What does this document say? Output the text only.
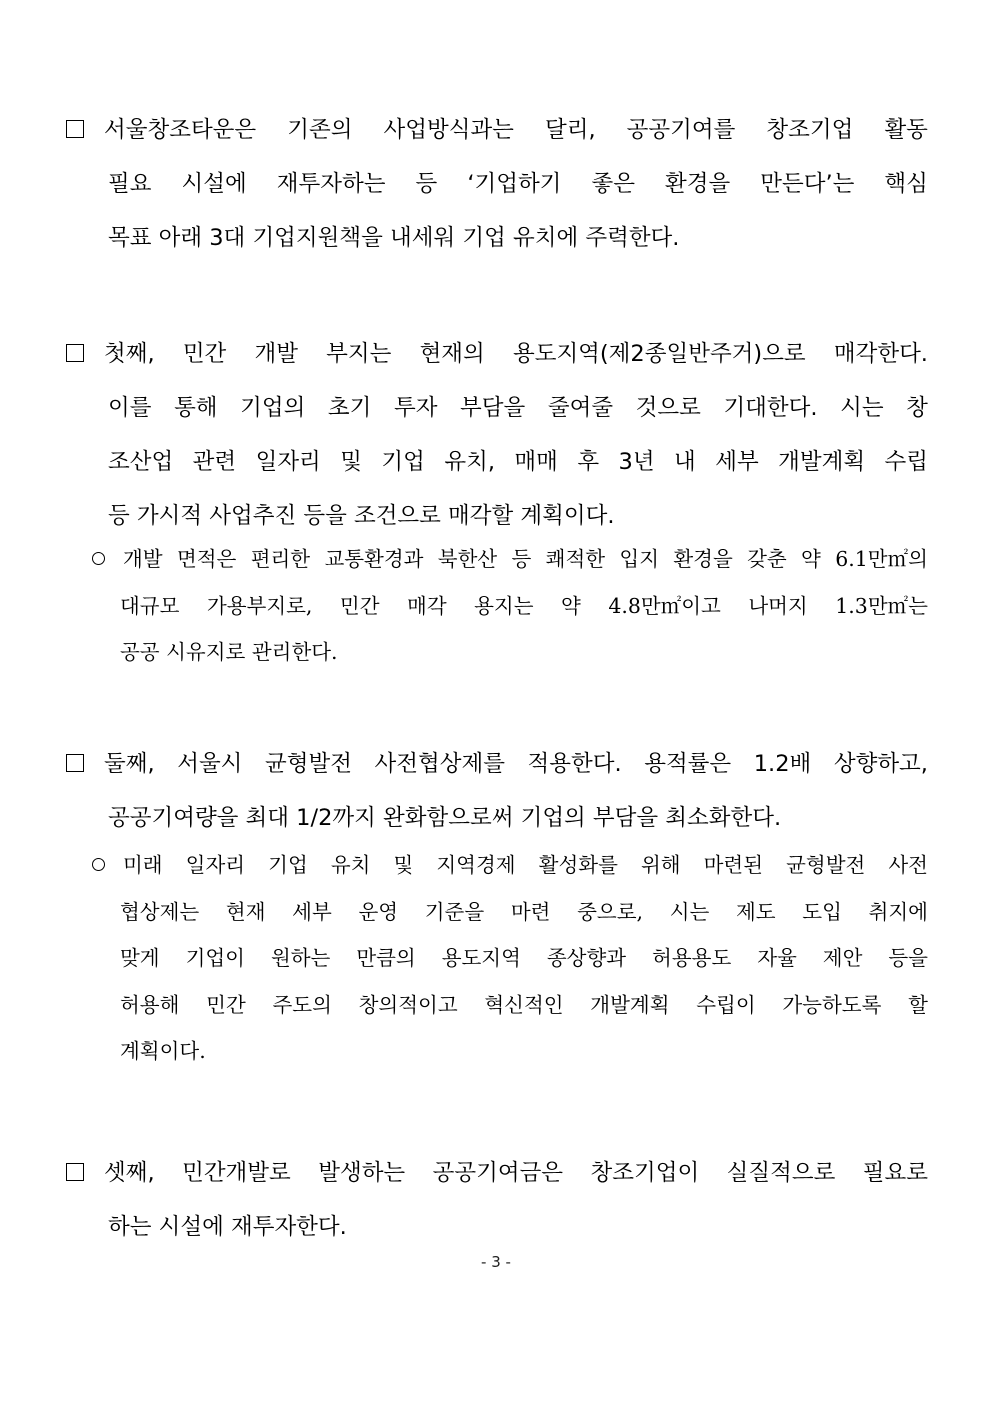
서울창조타운은 기존의 사업방식과는 달리, 공공기여를 창조기업 활동
필요 시설에 재투자하는 등 ‘기업하기 좋은 환경을 만든다’는 핵심
목표 아래 3대 기업지원책을 내세워 기업 유치에 주력한다.
첫째, 민간 개발 부지는 현재의 용도지역(제2종일반주거)으로 매각한다.
이를 통해 기업의 초기 투자 부담을 줄여줄 것으로 기대한다. 시는 창
조산업 관련 일자리 및 기업 유치, 매매 후 3년 내 세부 개발계획 수립
등 가시적 사업추진 등을 조건으로 매각할 계획이다.
개발 면적은 편리한 교통환경과 북한산 등 쾌적한 입지 환경을 갖춘 약 6.1만㎡의
대규모 가용부지로, 민간 매각 용지는 약 4.8만㎡이고 나머지 1.3만㎡는
공공 시유지로 관리한다.
둘째, 서울시 균형발전 사전협상제를 적용한다. 용적률은 1.2배 상향하고,
공공기여량을 최대 1/2까지 완화함으로써 기업의 부담을 최소화한다.
미래 일자리 기업 유치 및 지역경제 활성화를 위해 마련된 균형발전 사전
협상제는 현재 세부 운영 기준을 마련 중으로, 시는 제도 도입 취지에
맞게 기업이 원하는 만큼의 용도지역 종상향과 허용용도 자율 제안 등을
허용해 민간 주도의 창의적이고 혁신적인 개발계획 수립이 가능하도록 할
계획이다.
셋째, 민간개발로 발생하는 공공기여금은 창조기업이 실질적으로 필요로
하는 시설에 재투자한다.
- 3 -
